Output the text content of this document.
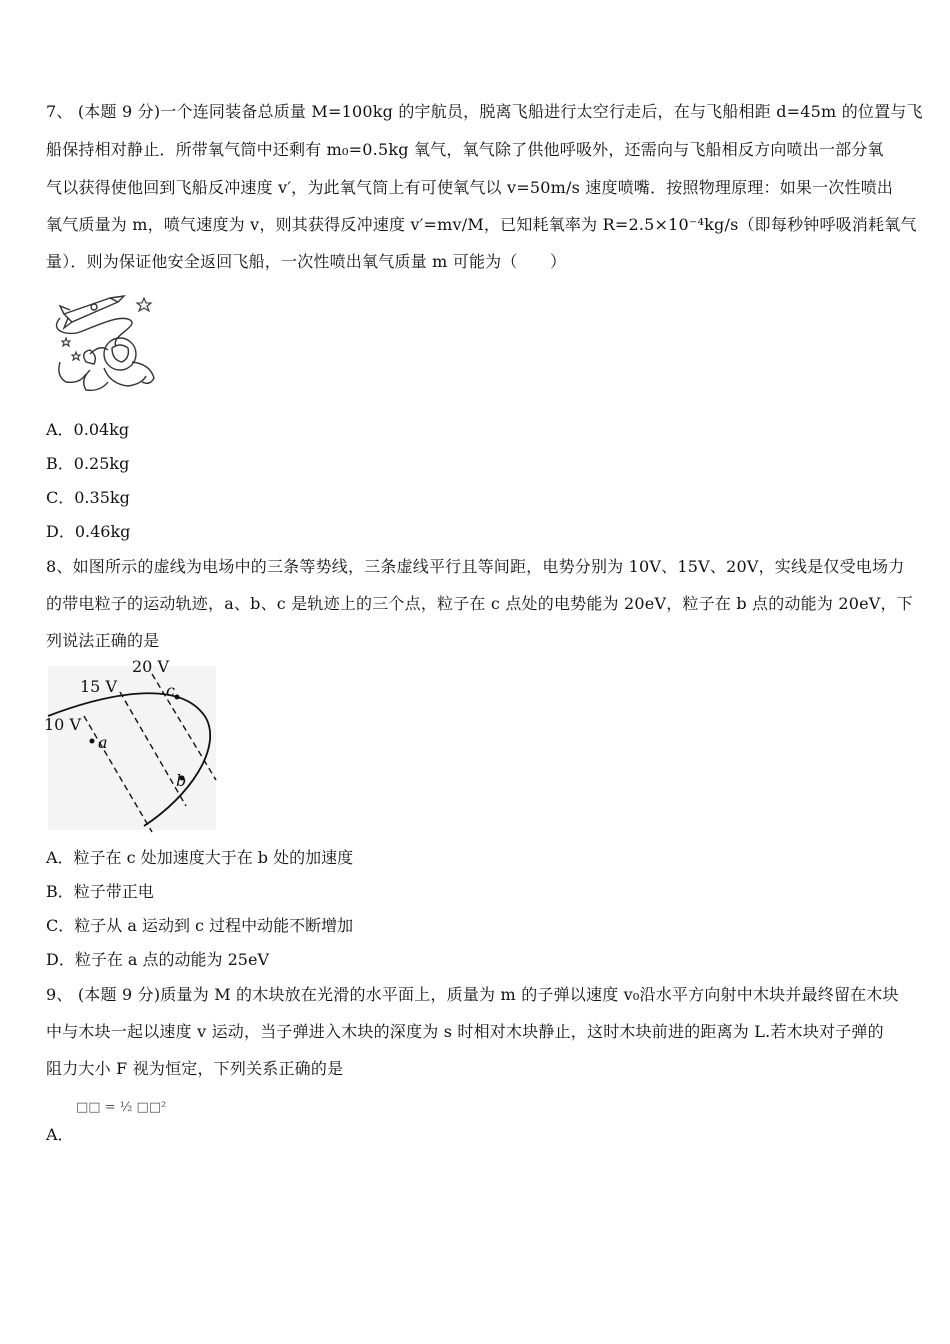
7、 (本题 9 分)一个连同装备总质量 M=100kg 的宇航员，脱离飞船进行太空行走后，在与飞船相距 d=45m 的位置与飞
船保持相对静止．所带氧气筒中还剩有 m₀=0.5kg 氧气，氧气除了供他呼吸外，还需向与飞船相反方向喷出一部分氧
气以获得使他回到飞船反冲速度 v′，为此氧气筒上有可使氧气以 v=50m/s 速度喷嘴．按照物理原理：如果一次性喷出
氧气质量为 m，喷气速度为 v，则其获得反冲速度 v′=mv/M，已知耗氧率为 R=2.5×10⁻⁴kg/s（即每秒钟呼吸消耗氧气
量）．则为保证他安全返回飞船，一次性喷出氧气质量 m 可能为（　　）
A．0.04kg
B．0.25kg
C．0.35kg
D．0.46kg
8、如图所示的虚线为电场中的三条等势线，三条虚线平行且等间距，电势分别为 10V、15V、20V，实线是仅受电场力
的带电粒子的运动轨迹，a、b、c 是轨迹上的三个点，粒子在 c 点处的电势能为 20eV，粒子在 b 点的动能为 20eV，下
列说法正确的是
20 V
15 V
10 V
a
c
b
A．粒子在 c 处加速度大于在 b 处的加速度
B．粒子带正电
C．粒子从 a 运动到 c 过程中动能不断增加
D．粒子在 a 点的动能为 25eV
9、 (本题 9 分)质量为 M 的木块放在光滑的水平面上，质量为 m 的子弹以速度 v₀沿水平方向射中木块并最终留在木块
中与木块一起以速度 v 运动，当子弹进入木块的深度为 s 时相对木块静止，这时木块前进的距离为 L.若木块对子弹的
阻力大小 F 视为恒定，下列关系正确的是
□□ = ½ □□²
A．
